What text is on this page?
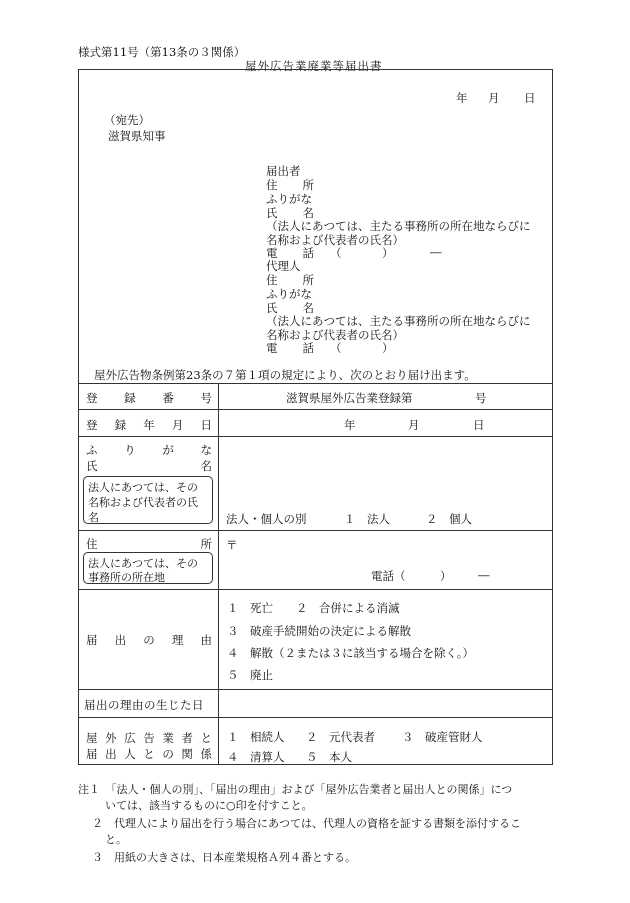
様式第11号（第13条の３関係）
屋外広告業廃業等届出書
年 月 日
（宛先）
滋賀県知事
届出者
住 所
ふりがな
氏 名
（法人にあつては、主たる事務所の所在地ならびに
名称および代表者の氏名）
電 話 （	）	―
代理人
住 所
ふりがな
氏 名
（法人にあつては、主たる事務所の所在地ならびに
名称および代表者の氏名）
電 話 （	）
屋外広告物条例第23条の７第１項の規定により、次のとおり届け出ます。
登 録 番 号	滋賀県屋外広告業登録第	号
登 録 年 月 日	年	月	日
ふ り が な
氏	名
法人にあつては、その
名称および代表者の氏
名	法人・個人の別	１　法人	２　個人
住	所
法人にあつては、その
事務所の所在地
〒
電話（　　　） ―
届 出 の 理 由
１　死亡 ２　合併による消滅
３　破産手続開始の決定による解散
４　解散（２または３に該当する場合を除く。）
５　廃止
届出の理由の生じた日
屋 外 広 告 業 者 と
届 出 人 と の 関 係
１　相続人 ２　元代表者 ３　破産管財人
４　清算人 ５　本人
注１　「法人・個人の別」、「届出の理由」および「屋外広告業者と届出人との関係」につ
いては、該当するものに○印を付すこと。
２　代理人により届出を行う場合にあつては、代理人の資格を証する書類を添付するこ
と。
３　用紙の大きさは、日本産業規格Ａ列４番とする。
